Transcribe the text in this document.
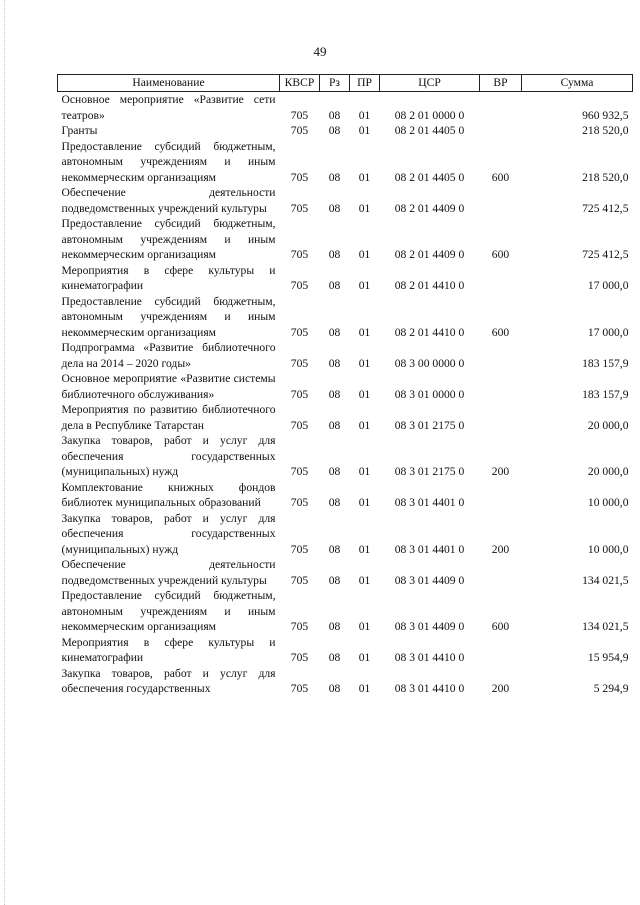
49
Наименование	КВСР	Рз	ПР	ЦСР	ВР	Сумма
Основное мероприятие «Развитие сети театров»	705	08	01	08 2 01 0000 0		960 932,5
Гранты	705	08	01	08 2 01 4405 0		218 520,0
Предоставление субсидий бюджетным, автономным учреждениям и иным некоммерческим организациям	705	08	01	08 2 01 4405 0	600	218 520,0
Обеспечение деятельности подведомственных учреждений культуры	705	08	01	08 2 01 4409 0		725 412,5
Предоставление субсидий бюджетным, автономным учреждениям и иным некоммерческим организациям	705	08	01	08 2 01 4409 0	600	725 412,5
Мероприятия в сфере культуры и кинематографии	705	08	01	08 2 01 4410 0		17 000,0
Предоставление субсидий бюджетным, автономным учреждениям и иным некоммерческим организациям	705	08	01	08 2 01 4410 0	600	17 000,0
Подпрограмма «Развитие библиотечного дела на 2014 – 2020 годы»	705	08	01	08 3 00 0000 0		183 157,9
Основное мероприятие «Развитие системы библиотечного обслуживания»	705	08	01	08 3 01 0000 0		183 157,9
Мероприятия по развитию библиотечного дела в Республике Татарстан	705	08	01	08 3 01 2175 0		20 000,0
Закупка товаров, работ и услуг для обеспечения государственных (муниципальных) нужд	705	08	01	08 3 01 2175 0	200	20 000,0
Комплектование книжных фондов библиотек муниципальных образований	705	08	01	08 3 01 4401 0		10 000,0
Закупка товаров, работ и услуг для обеспечения государственных (муниципальных) нужд	705	08	01	08 3 01 4401 0	200	10 000,0
Обеспечение деятельности подведомственных учреждений культуры	705	08	01	08 3 01 4409 0		134 021,5
Предоставление субсидий бюджетным, автономным учреждениям и иным некоммерческим организациям	705	08	01	08 3 01 4409 0	600	134 021,5
Мероприятия в сфере культуры и кинематографии	705	08	01	08 3 01 4410 0		15 954,9
Закупка товаров, работ и услуг для обеспечения государственных	705	08	01	08 3 01 4410 0	200	5 294,9
